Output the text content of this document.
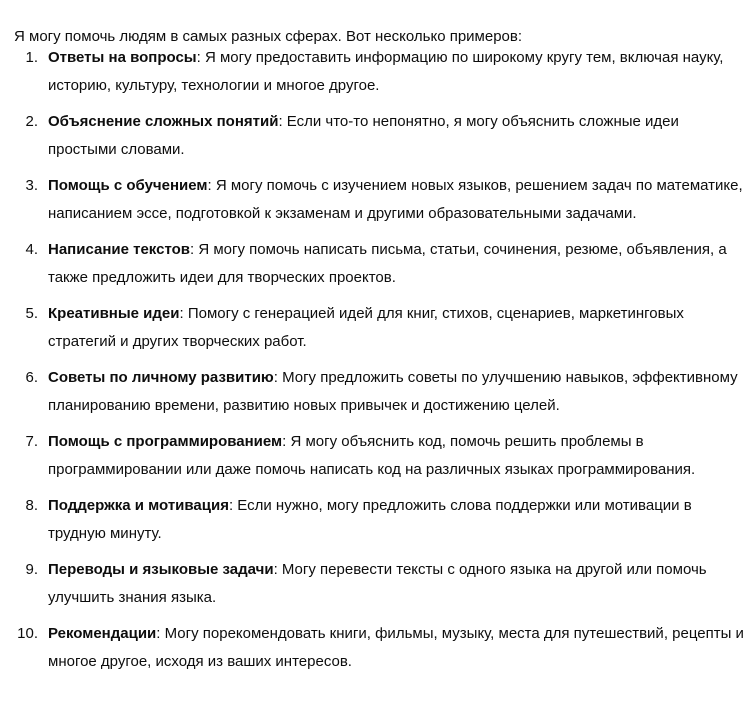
Я могу помочь людям в самых разных сферах. Вот несколько примеров:

1. Ответы на вопросы: Я могу предоставить информацию по широкому кругу тем, включая науку, историю, культуру, технологии и многое другое.
2. Объяснение сложных понятий: Если что-то непонятно, я могу объяснить сложные идеи простыми словами.
3. Помощь с обучением: Я могу помочь с изучением новых языков, решением задач по математике, написанием эссе, подготовкой к экзаменам и другими образовательными задачами.
4. Написание текстов: Я могу помочь написать письма, статьи, сочинения, резюме, объявления, а также предложить идеи для творческих проектов.
5. Креативные идеи: Помогу с генерацией идей для книг, стихов, сценариев, маркетинговых стратегий и других творческих работ.
6. Советы по личному развитию: Могу предложить советы по улучшению навыков, эффективному планированию времени, развитию новых привычек и достижению целей.
7. Помощь с программированием: Я могу объяснить код, помочь решить проблемы в программировании или даже помочь написать код на различных языках программирования.
8. Поддержка и мотивация: Если нужно, могу предложить слова поддержки или мотивации в трудную минуту.
9. Переводы и языковые задачи: Могу перевести тексты с одного языка на другой или помочь улучшить знания языка.
10. Рекомендации: Могу порекомендовать книги, фильмы, музыку, места для путешествий, рецепты и многое другое, исходя из ваших интересов.
